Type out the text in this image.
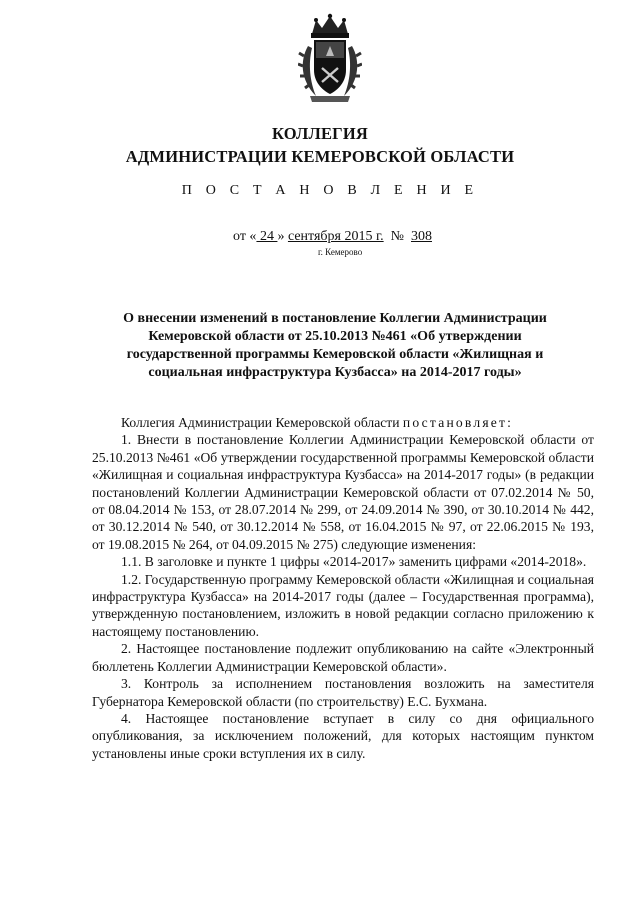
КОЛЛЕГИЯ
АДМИНИСТРАЦИИ КЕМЕРОВСКОЙ ОБЛАСТИ
П О С Т А Н О В Л Е Н И Е
от « 24 » сентября 2015 г. № 308
г. Кемерово
О внесении изменений в постановление Коллегии Администрации Кемеровской области от 25.10.2013 №461 «Об утверждении государственной программы Кемеровской области «Жилищная и социальная инфраструктура Кузбасса» на 2014-2017 годы»

Коллегия Администрации Кемеровской области постановляет:

1. Внести в постановление Коллегии Администрации Кемеровской области от 25.10.2013 №461 «Об утверждении государственной программы Кемеровской области «Жилищная и социальная инфраструктура Кузбасса» на 2014-2017 годы» (в редакции постановлений Коллегии Администрации Кемеровской области от 07.02.2014 № 50, от 08.04.2014 № 153, от 28.07.2014 № 299, от 24.09.2014 № 390, от 30.10.2014 № 442, от 30.12.2014 № 540, от 30.12.2014 № 558, от 16.04.2015 № 97, от 22.06.2015 № 193, от 19.08.2015 № 264, от 04.09.2015 № 275) следующие изменения:

1.1. В заголовке и пункте 1 цифры «2014-2017» заменить цифрами «2014-2018».

1.2. Государственную программу Кемеровской области «Жилищная и социальная инфраструктура Кузбасса» на 2014-2017 годы (далее – Государственная программа), утвержденную постановлением, изложить в новой редакции согласно приложению к настоящему постановлению.

2. Настоящее постановление подлежит опубликованию на сайте «Электронный бюллетень Коллегии Администрации Кемеровской области».

3. Контроль за исполнением постановления возложить на заместителя Губернатора Кемеровской области (по строительству) Е.С. Бухмана.

4. Настоящее постановление вступает в силу со дня официального опубликования, за исключением положений, для которых настоящим пунктом установлены иные сроки вступления их в силу.
